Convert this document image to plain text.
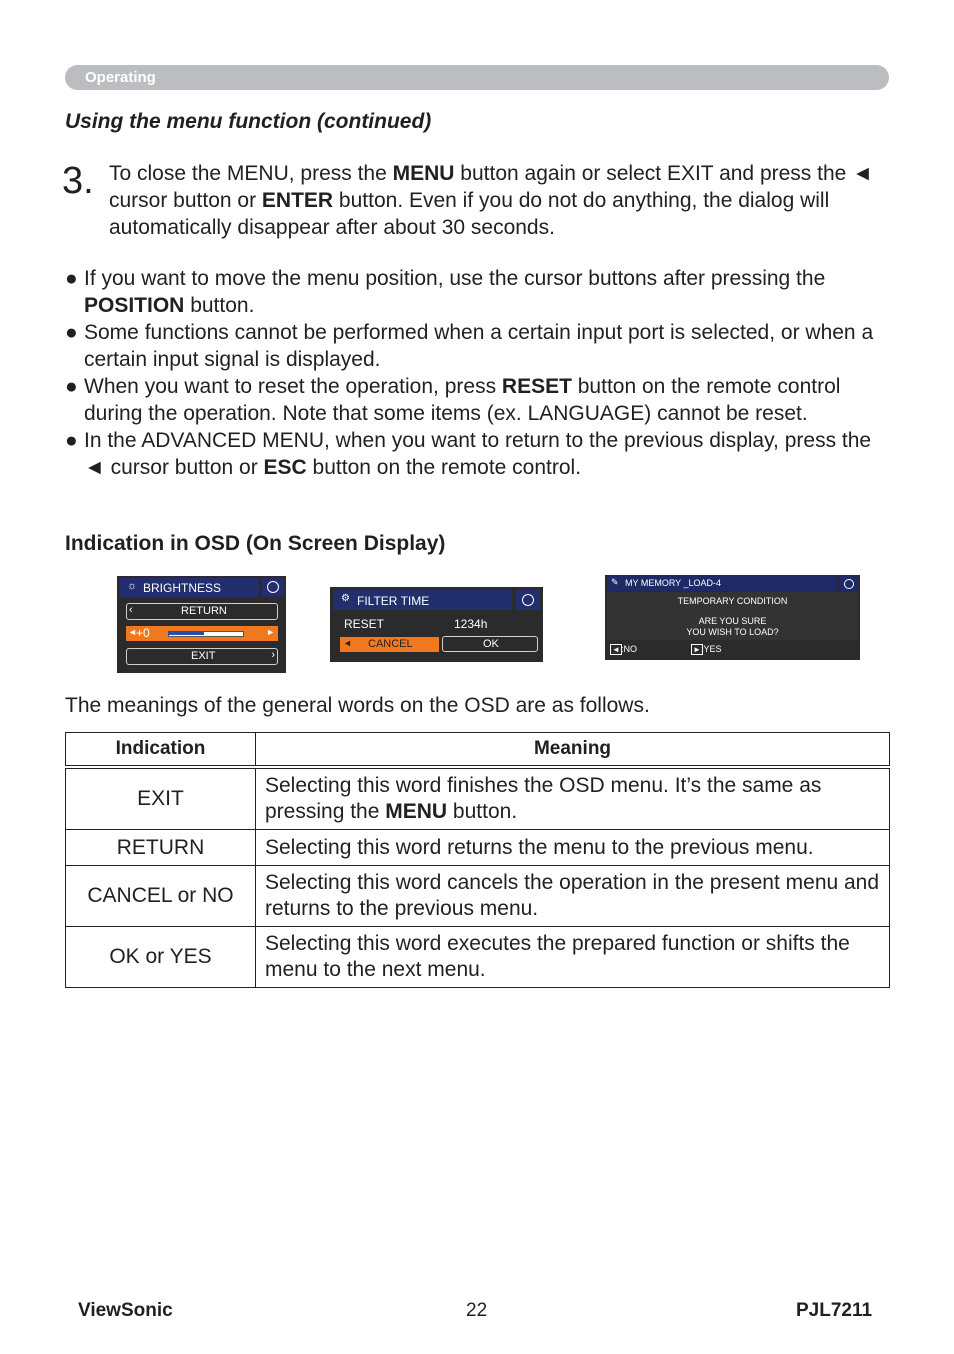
Operating
Using the menu function (continued)
3. To close the MENU, press the MENU button again or select EXIT and press the ◄ cursor button or ENTER button. Even if you do not do anything, the dialog will automatically disappear after about 30 seconds.
● If you want to move the menu position, use the cursor buttons after pressing the POSITION button.
● Some functions cannot be performed when a certain input port is selected, or when a certain input signal is displayed.
● When you want to reset the operation, press RESET button on the remote control during the operation. Note that some items (ex. LANGUAGE) cannot be reset.
● In the ADVANCED MENU, when you want to return to the previous display, press the ◄ cursor button or ESC button on the remote control.
Indication in OSD (On Screen Display)
☼ BRIGHTNESS
‹	RETURN
◄ +0	►
EXIT	›
⚙ FILTER TIME
RESET	1234h
◄ CANCEL	OK
✎ MY MEMORY _LOAD-4
TEMPORARY CONDITION
ARE YOU SURE
YOU WISH TO LOAD?
◄ :NO	► :YES
The meanings of the general words on the OSD are as follows.
Indication	Meaning
EXIT	Selecting this word finishes the OSD menu. It’s the same as pressing the MENU button.
RETURN	Selecting this word returns the menu to the previous menu.
CANCEL or NO	Selecting this word cancels the operation in the present menu and returns to the previous menu.
OK or YES	Selecting this word executes the prepared function or shifts the menu to the next menu.
ViewSonic	22	PJL7211
